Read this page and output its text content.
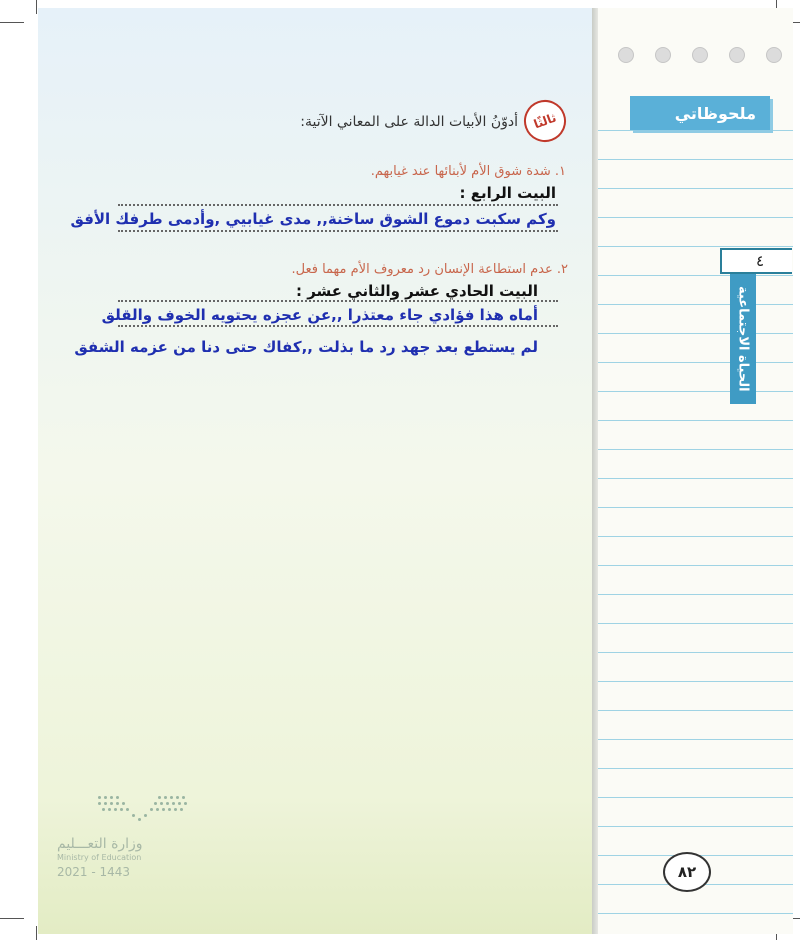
ملحوظاتي
٤
الحياة الاجتماعية
ثالثًا
أدوّنُ الأبيات الدالة على المعاني الآتية:
١. شدة شوق الأم لأبنائها عند غيابهم.
البيت الرابع :
وكم سكبت دموع الشوق ساخنة,, مدى غيابيي ,وأدمى طرفك الأفق
٢. عدم استطاعة الإنسان رد معروف الأم مهما فعل.
البيت الحادي عشر والثاني عشر :
أماه هذا فؤادي جاء معتذرا ,,عن عجزه يحتويه الخوف والقلق
لم يستطع بعد جهد رد ما بذلت ,,كفاك حتى دنا من عزمه الشفق
وزارة التعـــليم
Ministry of Education
2021 - 1443	٨٢
